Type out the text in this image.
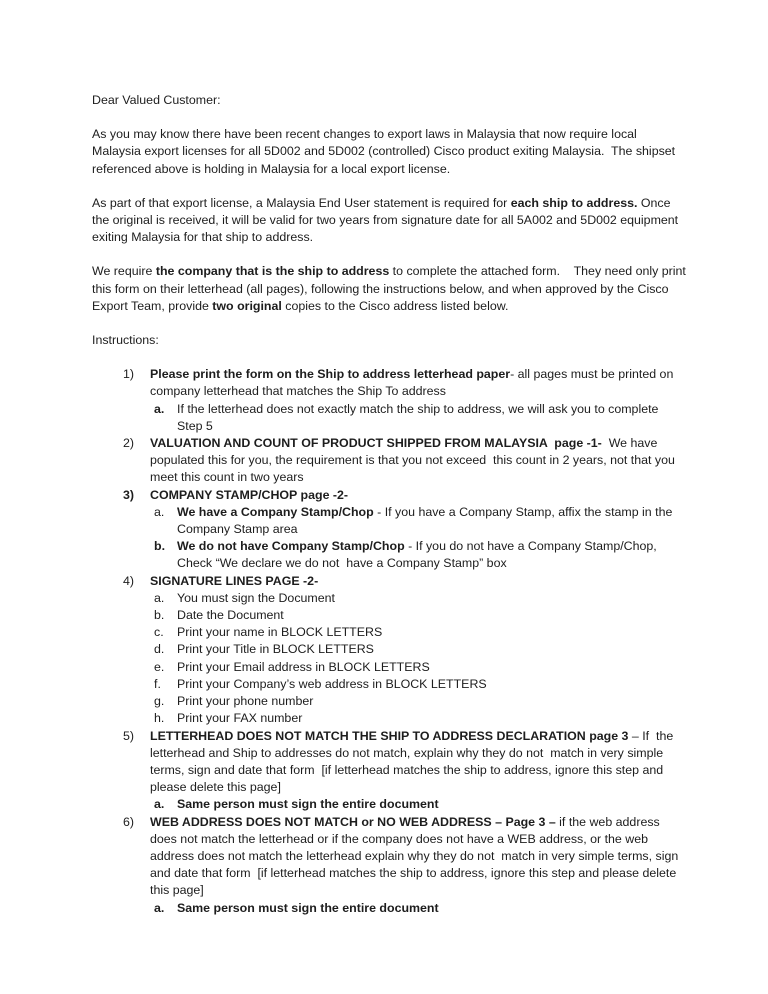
Dear Valued Customer:
As you may know there have been recent changes to export laws in Malaysia that now require local Malaysia export licenses for all 5D002 and 5D002 (controlled) Cisco product exiting Malaysia.  The shipset referenced above is holding in Malaysia for a local export license.
As part of that export license, a Malaysia End User statement is required for each ship to address. Once the original is received, it will be valid for two years from signature date for all 5A002 and 5D002 equipment exiting Malaysia for that ship to address.
We require the company that is the ship to address to complete the attached form.    They need only print this form on their letterhead (all pages), following the instructions below, and when approved by the Cisco Export Team, provide two original copies to the Cisco address listed below.
Instructions:
1)	Please print the form on the Ship to address letterhead paper- all pages must be printed on company letterhead that matches the Ship To address
a.	If the letterhead does not exactly match the ship to address, we will ask you to complete Step 5
2)	VALUATION AND COUNT OF PRODUCT SHIPPED FROM MALAYSIA  page -1-  We have populated this for you, the requirement is that you not exceed  this count in 2 years, not that you meet this count in two years
3)	COMPANY STAMP/CHOP page -2-
a.	We have a Company Stamp/Chop - If you have a Company Stamp, affix the stamp in the Company Stamp area
b. We do not have Company Stamp/Chop - If you do not have a Company Stamp/Chop, Check “We declare we do not  have a Company Stamp” box
4)	SIGNATURE LINES PAGE -2-
a.	You must sign the Document
b.	Date the Document
c.	Print your name in BLOCK LETTERS
d.	Print your Title in BLOCK LETTERS
e.	Print your Email address in BLOCK LETTERS
f.	Print your Company’s web address in BLOCK LETTERS
g.	Print your phone number
h.	Print your FAX number
5)	LETTERHEAD DOES NOT MATCH THE SHIP TO ADDRESS DECLARATION page 3 – If  the letterhead and Ship to addresses do not match, explain why they do not  match in very simple terms, sign and date that form  [if letterhead matches the ship to address, ignore this step and please delete this page]
a.	Same person must sign the entire document
6)	WEB ADDRESS DOES NOT MATCH or NO WEB ADDRESS – Page 3 – if the web address does not match the letterhead or if the company does not have a WEB address, or the web address does not match the letterhead explain why they do not  match in very simple terms, sign and date that form  [if letterhead matches the ship to address, ignore this step and please delete this page]
a.	Same person must sign the entire document
